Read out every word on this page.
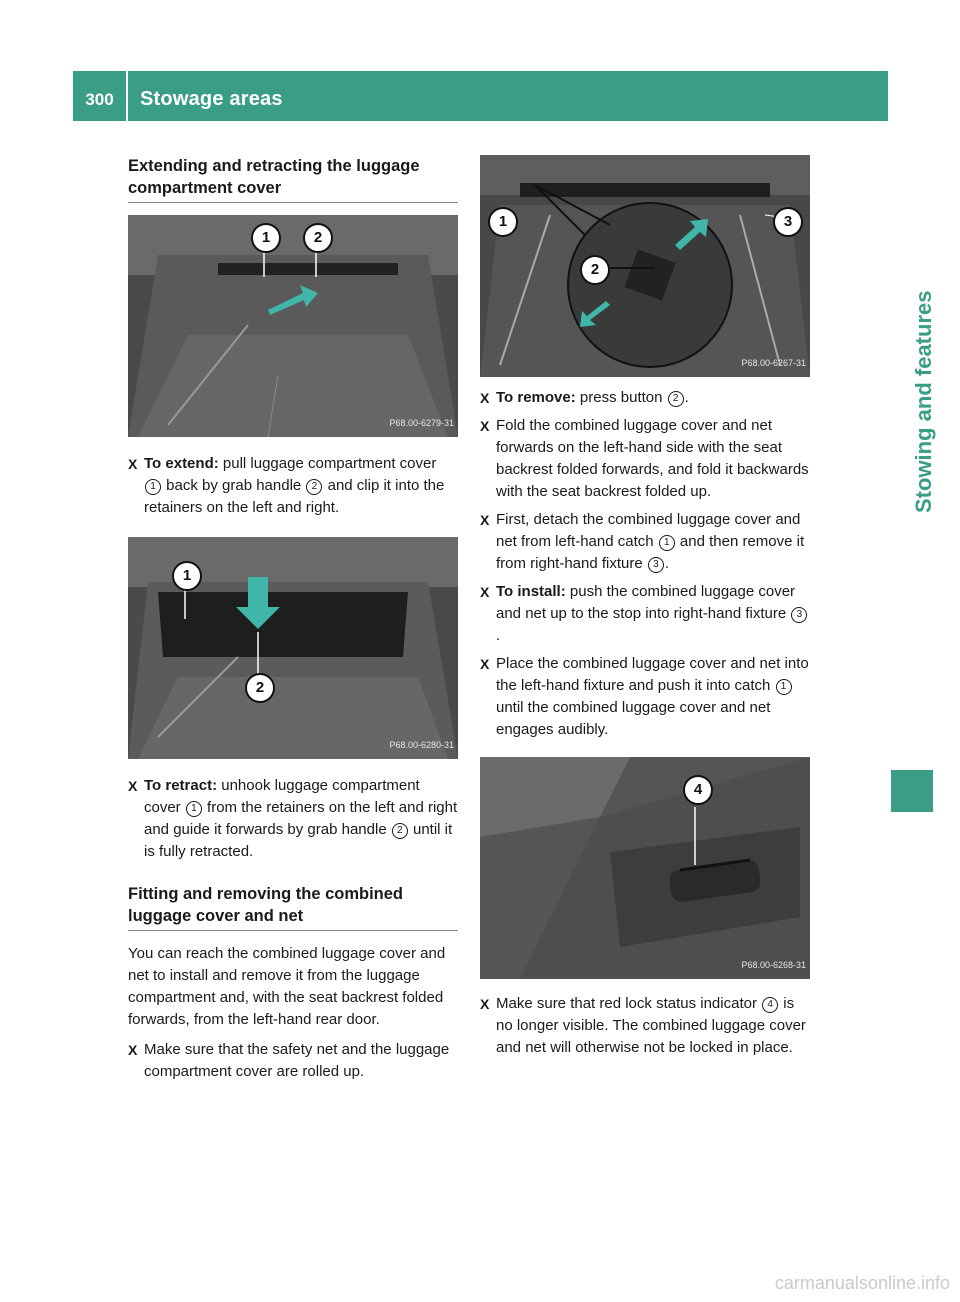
300	Stowage areas
Stowing and features
Extending and retracting the luggage compartment cover
1	2
P68.00-6279-31
X To extend: pull luggage compartment cover 1 back by grab handle 2 and clip it into the retainers on the left and right.
1
2
P68.00-6280-31
X To retract: unhook luggage compartment cover 1 from the retainers on the left and right and guide it forwards by grab handle 2 until it is fully retracted.
Fitting and removing the combined luggage cover and net

You can reach the combined luggage cover and net to install and remove it from the luggage compartment and, with the seat backrest folded forwards, from the left-hand rear door.

X Make sure that the safety net and the luggage compartment cover are rolled up.
1
2
3
P68.00-6267-31
X To remove: press button 2 .
X Fold the combined luggage cover and net forwards on the left-hand side with the seat backrest folded forwards, and fold it backwards with the seat backrest folded up.
X First, detach the combined luggage cover and net from left-hand catch 1 and then remove it from right-hand fixture 3 .
X To install: push the combined luggage cover and net up to the stop into right-hand fixture 3.
X Place the combined luggage cover and net into the left-hand fixture and push it into catch 1 until the combined luggage cover and net engages audibly.
4
P68.00-6268-31
X Make sure that red lock status indicator 4 is no longer visible. The combined luggage cover and net will otherwise not be locked in place.
carmanualsonline.info
